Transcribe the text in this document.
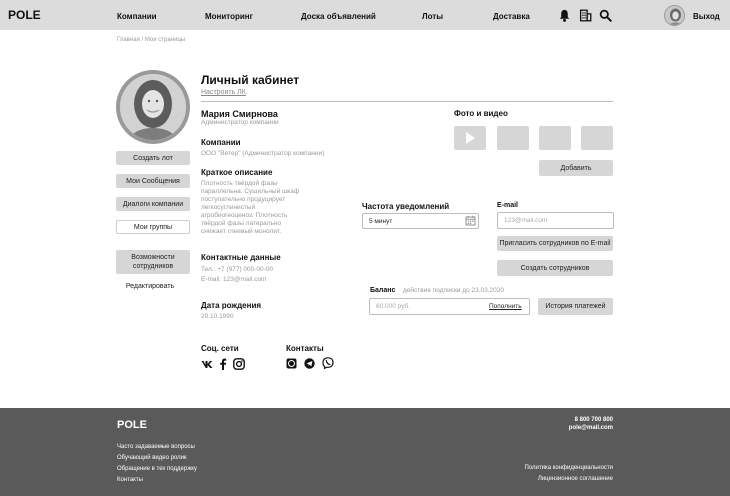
POLE	Компании	Мониторинг	Доска объявлений	Лоты	Доставка	Выход
Главная / Мои страницы
Создать лот
Мои Сообщения
Диалоги компании
Мои группы
Возможности
сотрудников
Редактировать
Личный кабинет
Настроить ЛК
Мария Смирнова
Администратор компании
Компании
ООО "Ветер" (Администратор компании)
Краткое описание
Плотность твёрдой фазы
параллельна. Сушильный шкаф
поступательно продуцирует
легкосуглинистый
агробиогеоценоз. Плотность
твёрдой фазы латерально
снижает глеевый монолит.
Контактные данные
Тел.: +7 (977) 000-00-00
E-mail: 123@mail.com
Дата рождения
20.10.1990
Соц. сети	Контакты
Фото и видео
Добавить
Частота уведомлений
5 минут
E-mail
123@mail.com
Пригласить сотрудников по E-mail
Создать сотрудников
Баланс действие подписки до 23.03.2020
60.000 руб.	Пополнить	История платежей
POLE
Часто задаваемые вопросы
Обучающий видео ролик
Обращение в тех поддержку
Контакты
8 800 700 800
pole@mail.com
Политика конфиденциальности
Лицензионное соглашение
